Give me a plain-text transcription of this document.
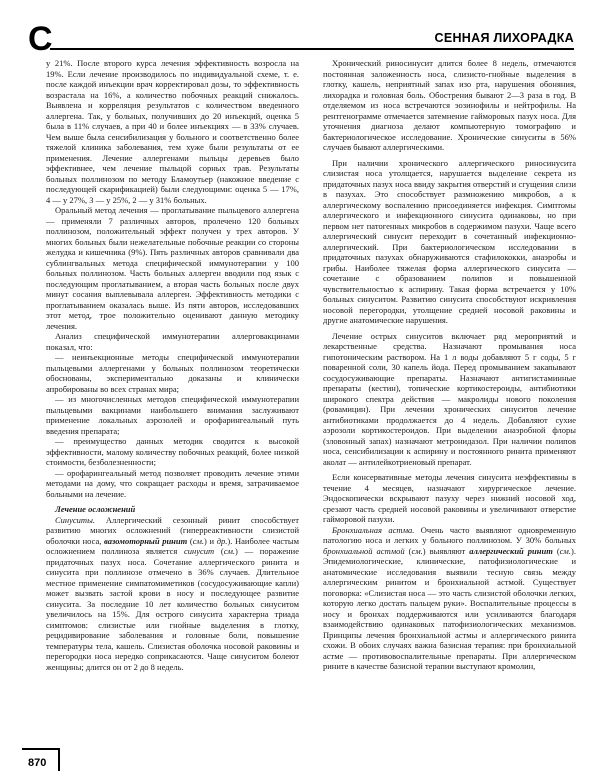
С	СЕННАЯ ЛИХОРАДКА

у 21%. После второго курса лечения эффективность возросла на 19%. Если лечение производилось по индивидуальной схеме, т. е. после каждой инъекции врач корректировал дозы, то эффективность возрастала на 16%, а количество побочных реакций снижалось. Выявлена и корреляция результатов с количеством введенного аллергена. Так, у больных, получивших до 20 инъекций, оценка 5 была в 11% случаев, а при 40 и более инъекциях — в 33% случаев. Чем выше была сенсибилизация у больного и соответственно более тяжелой клиника заболевания, тем хуже были результаты от ее применения. Лечение аллергенами пыльцы деревьев было эффективнее, чем лечение пыльцой сорных трав. Результаты больных поллинозом по методу Бламоутьер (накожное введение с последующей скарификацией) были следующими: оценка 5 — 17%, 4 — у 27%, 3 — у 25%, 2 — у 31% больных.

Оральный метод лечения — проглатывание пыльцевого аллергена — применяли 7 различных авторов, пролечено 120 больных поллинозом, положительный эффект получен у трех авторов. У многих больных были нежелательные побочные реакции со стороны желудка и кишечника (9%). Пять различных авторов сравнивали два сублингвальных метода специфической иммунотерапии у 100 больных поллинозом. Часть больных аллерген вводили под язык с последующим проглатыванием, а вторая часть больных после двух минут сосания выплевывала аллерген. Эффективность методики с проглатыванием оказалась выше. Из пяти авторов, исследовавших этот метод, трое положительно оценивают данную методику лечения.

Анализ специфической иммунотерапии аллерговакцинами показал, что:

— неинъекционные методы специфической иммунотерапии пыльцевыми аллергенами у больных поллинозом теоретически обоснованы, экспериментально доказаны и клинически апробированы во всех странах мира;

— из многочисленных методов специфической иммунотерапии пыльцевыми вакцинами наибольшего внимания заслуживают применение локальных аэрозолей и орофарингеальный путь введения препарата;

— преимущество данных методик сводится к высокой эффективности, малому количеству побочных реакций, более низкой стоимости, безболезненности;

— орофарингеальный метод позволяет проводить лечение этими методами на дому, что сокращает расходы и время, затрачиваемое больными на лечение.

Лечение осложнений

Синуситы. Аллергический сезонный ринит способствует развитию многих осложнений (гиперреактивности слизистой оболочки носа, вазомоторный ринит (см.) и др.). Наиболее частым осложнением поллиноза является синусит (см.) — поражение придаточных пазух носа. Сочетание аллергического ринита и синусита при поллинозе отмечено в 36% случаев. Длительное местное применение симпатомиметиков (сосудосуживающие капли) может вызвать застой крови в носу и последующее развитие синусита. За последние 10 лет количество больных синуситом увеличилось на 15%. Для острого синусита характерна триада симптомов: слизистые или гнойные выделения в глотку, рецидивирование заболевания и головные боли, повышение температуры тела, кашель. Слизистая оболочка носовой раковины и перегородки носа нередко соприкасаются. Чаще синуситом болеют женщины; длится он от 2 до 8 недель.

Хронический риносинусит длится более 8 недель, отмечаются постоянная заложенность носа, слизисто-гнойные выделения в глотку, кашель, неприятный запах изо рта, нарушения обоняния, лихорадка и головная боль. Обострения бывают 2—3 раза в год. В отделяемом из носа встречаются эозинофилы и нейтрофилы. На рентгенограмме отмечается затемнение гайморовых пазух носа. Для уточнения диагноза делают компьютерную томографию и бактериологическое исследование. Хронические синуситы в 56% случаев бывают аллергическими.

При наличии хронического аллергического риносинусита слизистая носа утолщается, нарушается выделение секрета из придаточных пазух носа ввиду закрытия отверстий и сгущения слизи в пазухах. Это способствует размножению микробов, а к аллергическому воспалению присоединяется инфекция. Симптомы аллергического и инфекционного синусита одинаковы, но при первом нет патогенных микробов в содержимом пазухи. Чаще всего аллергический синусит переходит в сочетанный инфекционно-аллергический. При бактериологическом исследовании в придаточных пазухах обнаруживаются стафилококки, анаэробы и грибы. Наиболее тяжелая форма аллергического синусита — сочетание с образованием полипов и повышенной чувствительностью к аспирину. Такая форма встречается у 10% больных синуситом. Развитию синусита способствуют искривления носовой перегородки, утолщение средней носовой раковины и другие анатомические нарушения.

Лечение острых синуситов включает ряд мероприятий и лекарственные средства. Назначают промывания носа гипотоническим раствором. На 1 л воды добавляют 5 г соды, 5 г поваренной соли, 30 капель йода. Перед промыванием закапывают сосудосуживающие препараты. Назначают антигистаминные препараты (кестин), топические кортикостероиды, антибиотики широкого спектра действия — макролиды нового поколения (ровамицин). При лечении хронических синуситов лечение антибиотиками продолжается до 4 недель. Добавляют сухие аэрозоли кортикостероидов. При выделении анаэробной флоры (зловонный запах) назначают метронидазол. При наличии полипов носа, сенсибилизации к аспирину и постоянного ринита применяют аколат — антилейкотриеновый препарат.

Если консервативные методы лечения синусита неэффективны в течение 4 месяцев, назначают хирургическое лечение. Эндоскопически вскрывают пазуху через нижний носовой ход, срезают часть средней носовой раковины и увеличивают отверстие гайморовой пазухи.

Бронхиальная астма. Очень часто выявляют одновременную патологию носа и легких у больного поллинозом. У 30% больных бронхиальной астмой (см.) выявляют аллергический ринит (см.). Эпидемиологические, клинические, патофизиологические и анатомические исследования выявили тесную связь между аллергическим ринитом и бронхиальной астмой. Существует поговорка: «Слизистая носа — это часть слизистой оболочки легких, которую легко достать пальцем руки». Воспалительные процессы в носу и бронхах поддерживаются или усиливаются благодаря взаимодействию одинаковых патофизиологических механизмов. Принципы лечения бронхиальной астмы и аллергического ринита схожи. В обоих случаях важна базисная терапия: при бронхиальной астме — противовоспалительные препараты. При аллергическом рините в качестве базисной терапии выступают кромолин,

870
